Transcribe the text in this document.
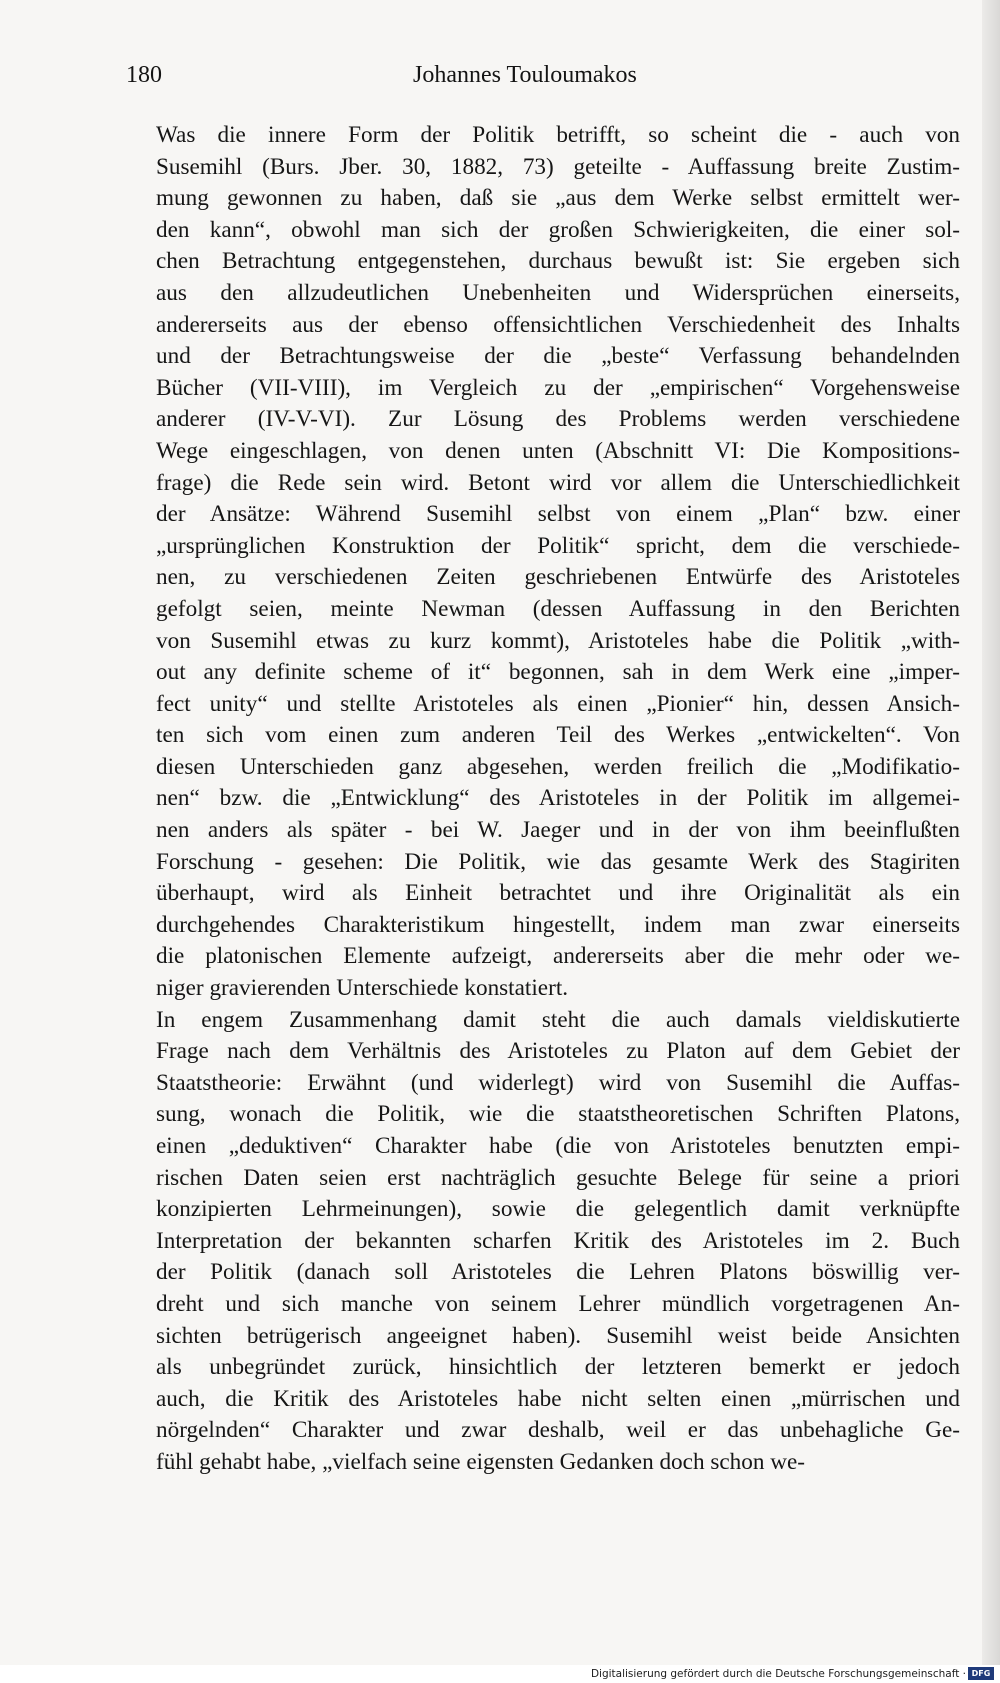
180	Johannes Touloumakos
Was die innere Form der Politik betrifft, so scheint die - auch von
Susemihl (Burs. Jber. 30, 1882, 73) geteilte - Auffassung breite Zustim-
mung gewonnen zu haben, daß sie „aus dem Werke selbst ermittelt wer-
den kann“, obwohl man sich der großen Schwierigkeiten, die einer sol-
chen Betrachtung entgegenstehen, durchaus bewußt ist: Sie ergeben sich
aus den allzudeutlichen Unebenheiten und Widersprüchen einerseits,
andererseits aus der ebenso offensichtlichen Verschiedenheit des Inhalts
und der Betrachtungsweise der die „beste“ Verfassung behandelnden
Bücher (VII-VIII), im Vergleich zu der „empirischen“ Vorgehensweise
anderer (IV-V-VI). Zur Lösung des Problems werden verschiedene
Wege eingeschlagen, von denen unten (Abschnitt VI: Die Kompositions-
frage) die Rede sein wird. Betont wird vor allem die Unterschiedlichkeit
der Ansätze: Während Susemihl selbst von einem „Plan“ bzw. einer
„ursprünglichen Konstruktion der Politik“ spricht, dem die verschiede-
nen, zu verschiedenen Zeiten geschriebenen Entwürfe des Aristoteles
gefolgt seien, meinte Newman (dessen Auffassung in den Berichten
von Susemihl etwas zu kurz kommt), Aristoteles habe die Politik „with-
out any definite scheme of it“ begonnen, sah in dem Werk eine „imper-
fect unity“ und stellte Aristoteles als einen „Pionier“ hin, dessen Ansich-
ten sich vom einen zum anderen Teil des Werkes „entwickelten“. Von
diesen Unterschieden ganz abgesehen, werden freilich die „Modifikatio-
nen“ bzw. die „Entwicklung“ des Aristoteles in der Politik im allgemei-
nen anders als später - bei W. Jaeger und in der von ihm beeinflußten
Forschung - gesehen: Die Politik, wie das gesamte Werk des Stagiriten
überhaupt, wird als Einheit betrachtet und ihre Originalität als ein
durchgehendes Charakteristikum hingestellt, indem man zwar einerseits
die platonischen Elemente aufzeigt, andererseits aber die mehr oder we-
niger gravierenden Unterschiede konstatiert.
In engem Zusammenhang damit steht die auch damals vieldiskutierte
Frage nach dem Verhältnis des Aristoteles zu Platon auf dem Gebiet der
Staatstheorie: Erwähnt (und widerlegt) wird von Susemihl die Auffas-
sung, wonach die Politik, wie die staatstheoretischen Schriften Platons,
einen „deduktiven“ Charakter habe (die von Aristoteles benutzten empi-
rischen Daten seien erst nachträglich gesuchte Belege für seine a priori
konzipierten Lehrmeinungen), sowie die gelegentlich damit verknüpfte
Interpretation der bekannten scharfen Kritik des Aristoteles im 2. Buch
der Politik (danach soll Aristoteles die Lehren Platons böswillig ver-
dreht und sich manche von seinem Lehrer mündlich vorgetragenen An-
sichten betrügerisch angeeignet haben). Susemihl weist beide Ansichten
als unbegründet zurück, hinsichtlich der letzteren bemerkt er jedoch
auch, die Kritik des Aristoteles habe nicht selten einen „mürrischen und
nörgelnden“ Charakter und zwar deshalb, weil er das unbehagliche Ge-
fühl gehabt habe, „vielfach seine eigensten Gedanken doch schon we-
Digitalisierung gefördert durch die Deutsche Forschungsgemeinschaft · DFG
